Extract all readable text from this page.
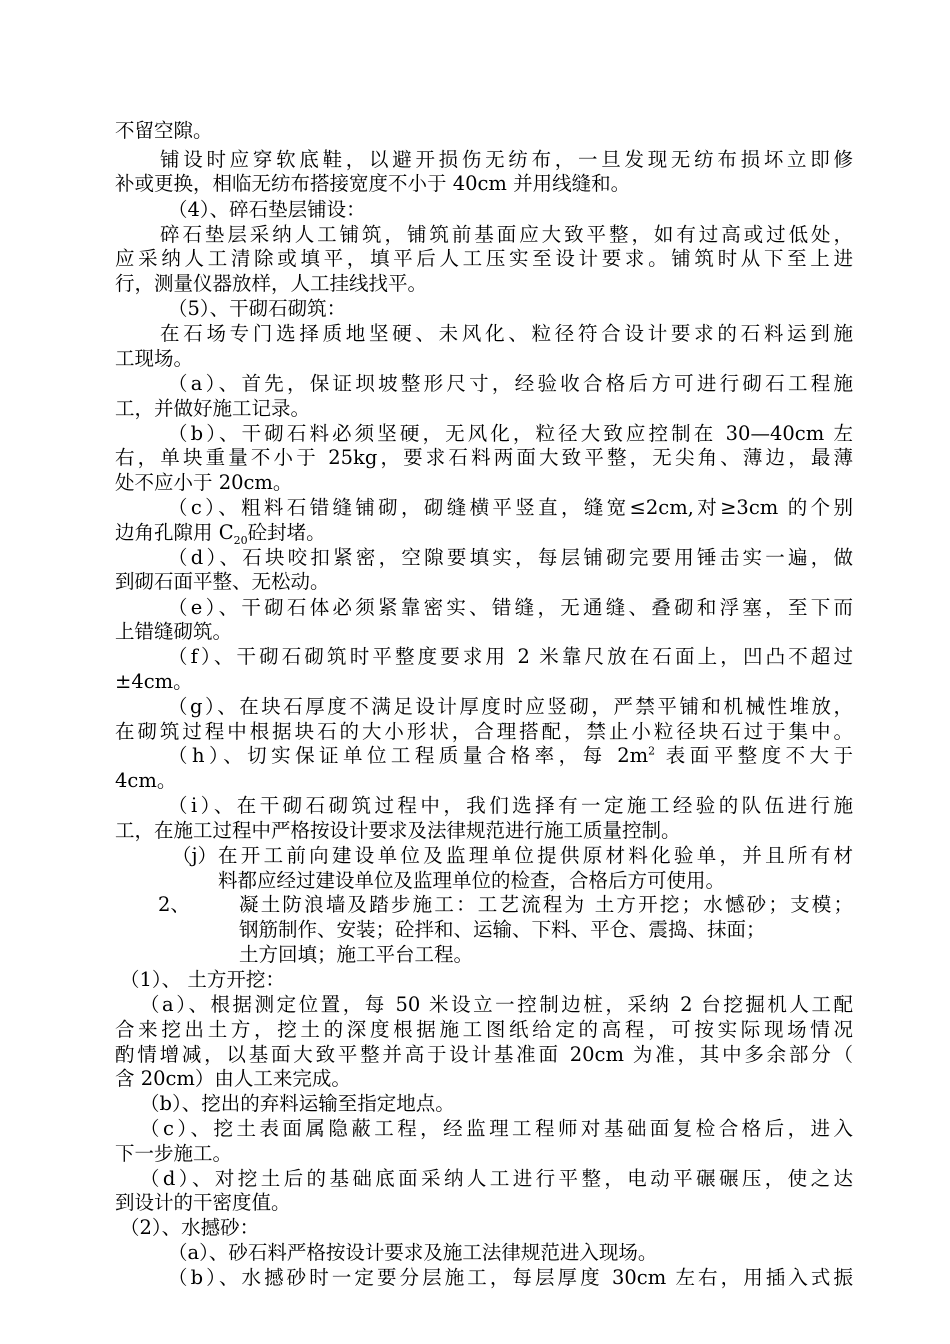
不留空隙。
铺设时应穿软底鞋，以避开损伤无纺布，一旦发现无纺布损坏立即修
补或更换，相临无纺布搭接宽度不小于 40cm 并用线缝和。
（4）、碎石垫层铺设：
碎石垫层采纳人工铺筑，铺筑前基面应大致平整，如有过高或过低处，
应采纳人工清除或填平，填平后人工压实至设计要求。铺筑时从下至上进
行，测量仪器放样，人工挂线找平。
（5）、干砌石砌筑：
在石场专门选择质地坚硬、未风化、粒径符合设计要求的石料运到施
工现场。
（a）、首先，保证坝坡整形尺寸，经验收合格后方可进行砌石工程施
工，并做好施工记录。
（b）、干砌石料必须坚硬，无风化，粒径大致应控制在 30—40cm 左
右，单块重量不小于 25kg，要求石料两面大致平整，无尖角、薄边，最薄
处不应小于 20cm。
（c）、粗料石错缝铺砌，砌缝横平竖直，缝宽≤2cm,对≥3cm 的个别
边角孔隙用 $C_{20}$砼封堵。
（d）、石块咬扣紧密，空隙要填实，每层铺砌完要用锤击实一遍，做
到砌石面平整、无松动。
（e）、干砌石体必须紧靠密实、错缝，无通缝、叠砌和浮塞，至下而
上错缝砌筑。
（f）、干砌石砌筑时平整度要求用 2 米靠尺放在石面上，凹凸不超过
±4cm。
（g）、在块石厚度不满足设计厚度时应竖砌，严禁平铺和机械性堆放，
在砌筑过程中根据块石的大小形状，合理搭配，禁止小粒径块石过于集中。
（h）、切实保证单位工程质量合格率，每 $2m^2$ 表面平整度不大于
4cm。
（i）、在干砌石砌筑过程中，我们选择有一定施工经验的队伍进行施
工，在施工过程中严格按设计要求及法律规范进行施工质量控制。
（j） 在开工前向建设单位及监理单位提供原材料化验单，并且所有材
料都应经过建设单位及监理单位的检查，合格后方可使用。
2、	凝土防浪墙及踏步施工：工艺流程为 土方开挖；水憾砂；支模；
钢筋制作、安装；砼拌和、运输、下料、平仓、震捣、抹面；
土方回填；施工平台工程。
（1）、 土方开挖：
（a）、根据测定位置，每 50 米设立一控制边桩，采纳 2 台挖掘机人工配
合来挖出土方，挖土的深度根据施工图纸给定的高程，可按实际现场情况
酌情增减，以基面大致平整并高于设计基准面 20cm 为准，其中多余部分（
含 20cm）由人工来完成。
（b）、挖出的弃料运输至指定地点。
（c）、挖土表面属隐蔽工程，经监理工程师对基础面复检合格后，进入
下一步施工。
（d）、对挖土后的基础底面采纳人工进行平整，电动平碾碾压，使之达
到设计的干密度值。
（2）、水撼砂：
（a）、砂石料严格按设计要求及施工法律规范进入现场。
（b）、水撼砂时一定要分层施工，每层厚度 30cm 左右，用插入式振
